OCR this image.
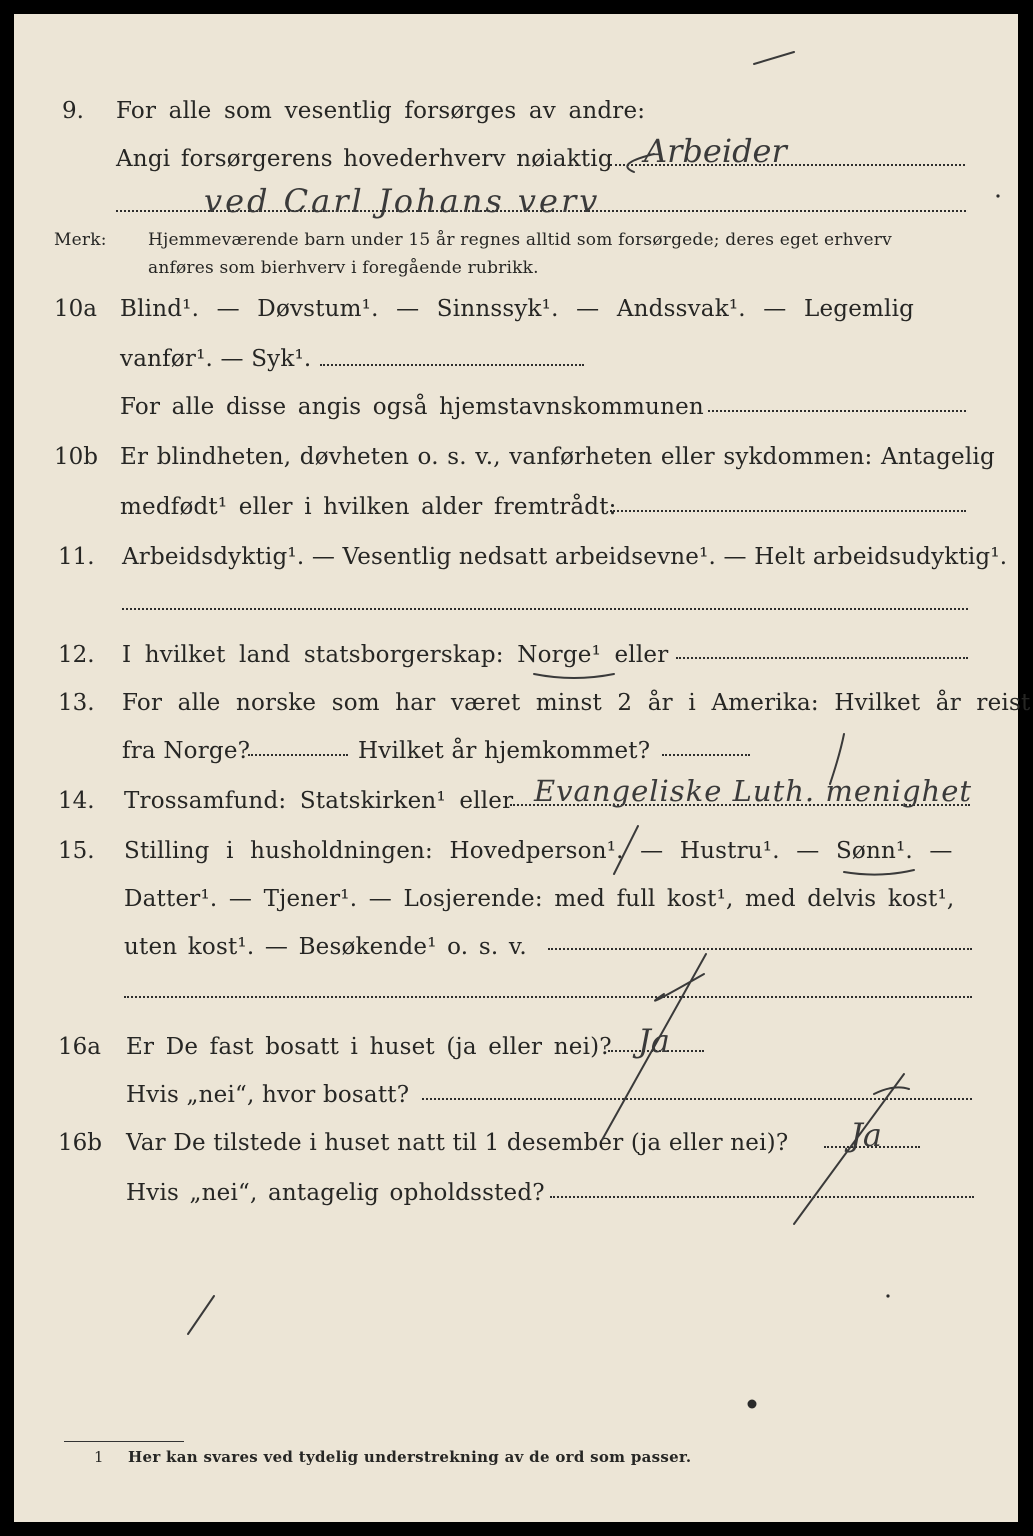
9. For alle som vesentlig forsørges av andre:
Angi forsørgerens hovederhverv nøiaktig Arbeider
ved Carl Johans verv
Merk: Hjemmeværende barn under 15 år regnes alltid som forsørgede; deres eget erhverv
anføres som bierhverv i foregående rubrikk.
10a Blind¹. — Døvstum¹. — Sinnssyk¹. — Andssvak¹. — Legemlig
vanfør¹. — Syk¹.
For alle disse angis også hjemstavnskommunen
10b Er blindheten, døvheten o. s. v., vanførheten eller sykdommen: Antagelig
medfødt¹ eller i hvilken alder fremtrådt:
11. Arbeidsdyktig¹. — Vesentlig nedsatt arbeidsevne¹. — Helt arbeidsudyktig¹.
12. I hvilket land statsborgerskap: Norge¹ eller
13. For alle norske som har været minst 2 år i Amerika: Hvilket år reist
fra Norge?	Hvilket år hjemkommet?
14. Trossamfund: Statskirken¹ eller Evangeliske Luth. menighet
15. Stilling i husholdningen: Hovedperson¹. — Hustru¹. — Sønn¹. —
Datter¹. — Tjener¹. — Losjerende: med full kost¹, med delvis kost¹,
uten kost¹. — Besøkende¹ o. s. v.
16a Er De fast bosatt i huset (ja eller nei)? Ja
Hvis „nei“, hvor bosatt?
16b Var De tilstede i huset natt til 1 desember (ja eller nei)? Ja
Hvis „nei“, antagelig opholdssted?
1 Her kan svares ved tydelig understrekning av de ord som passer.
